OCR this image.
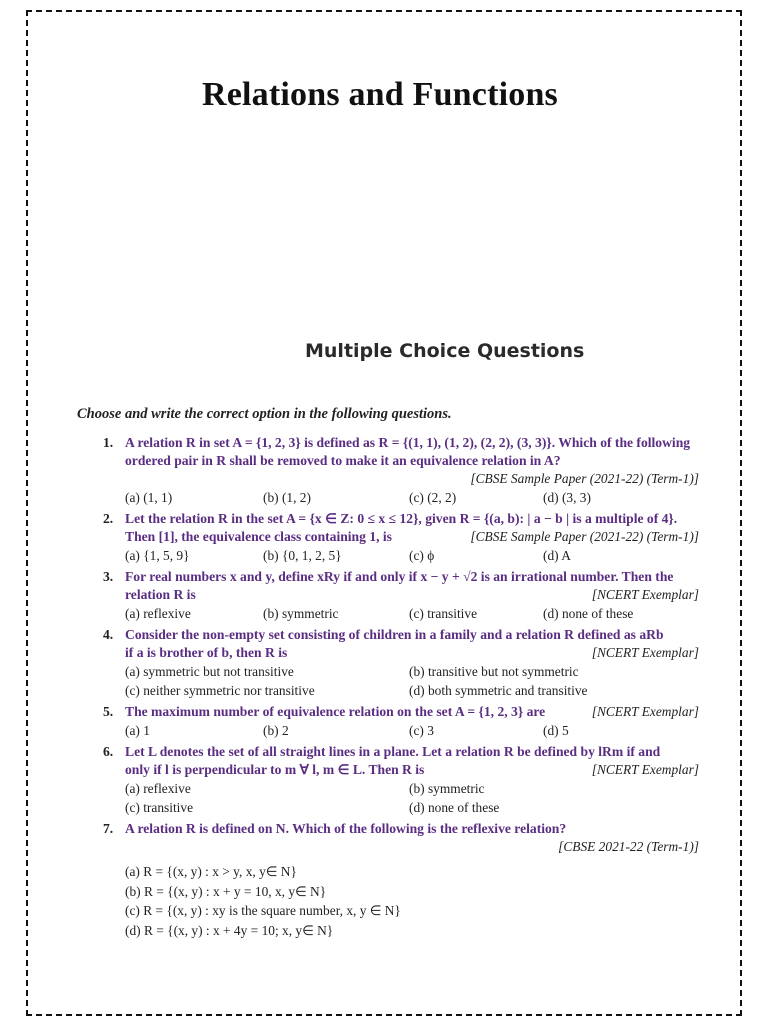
Relations and Functions
Multiple Choice Questions
Choose and write the correct option in the following questions.
1. A relation R in set A = {1, 2, 3} is defined as R = {(1, 1), (1, 2), (2, 2), (3, 3)}. Which of the following
ordered pair in R shall be removed to make it an equivalence relation in A?
[CBSE Sample Paper (2021-22) (Term-1)]
(a) (1, 1)	(b) (1, 2)	(c) (2, 2)	(d) (3, 3)
2. Let the relation R in the set A = {x ∈ Z: 0 ≤ x ≤ 12}, given R = {(a, b): | a − b | is a multiple of 4}.
Then [1], the equivalence class containing 1, is	[CBSE Sample Paper (2021-22) (Term-1)]
(a) {1, 5, 9}	(b) {0, 1, 2, 5}	(c) ϕ	(d) A
3. For real numbers x and y, define xRy if and only if x − y + √2 is an irrational number. Then the
relation R is	[NCERT Exemplar]
(a) reflexive	(b) symmetric	(c) transitive	(d) none of these
4. Consider the non-empty set consisting of children in a family and a relation R defined as aRb
if a is brother of b, then R is	[NCERT Exemplar]
(a) symmetric but not transitive	(b) transitive but not symmetric
(c) neither symmetric nor transitive	(d) both symmetric and transitive
5. The maximum number of equivalence relation on the set A = {1, 2, 3} are	[NCERT Exemplar]
(a) 1	(b) 2	(c) 3	(d) 5
6. Let L denotes the set of all straight lines in a plane. Let a relation R be defined by lRm if and
only if l is perpendicular to m ∀ l, m ∈ L. Then R is	[NCERT Exemplar]
(a) reflexive	(b) symmetric
(c) transitive	(d) none of these
7. A relation R is defined on N. Which of the following is the reflexive relation?
[CBSE 2021-22 (Term-1)]
(a) R = {(x, y) : x > y, x, y∈ N}
(b) R = {(x, y) : x + y = 10, x, y∈ N}
(c) R = {(x, y) : xy is the square number, x, y ∈ N}
(d) R = {(x, y) : x + 4y = 10; x, y∈ N}
